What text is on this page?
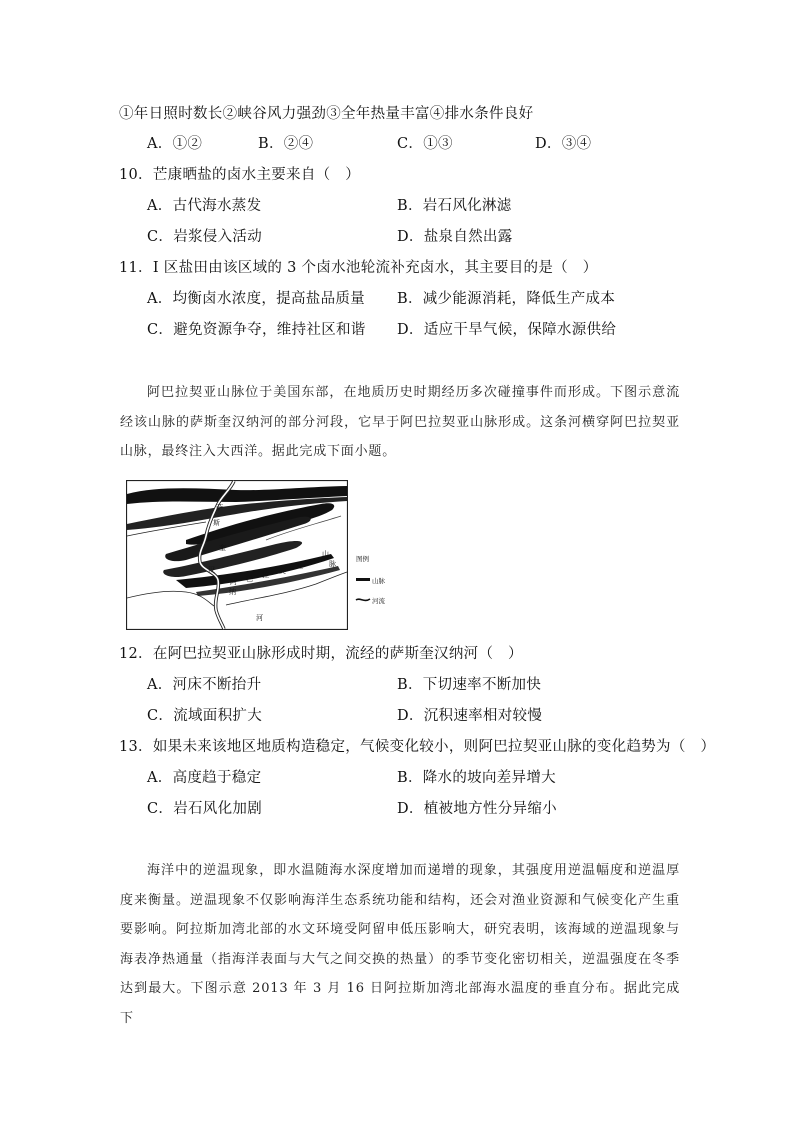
①年日照时数长②峡谷风力强劲③全年热量丰富④排水条件良好
A．①②	B．②④	C．①③	D．③④
10．芒康晒盐的卤水主要来自（　）
A．古代海水蒸发	B．岩石风化淋滤
C．岩浆侵入活动	D．盐泉自然出露
11．I 区盐田由该区域的 3 个卤水池轮流补充卤水，其主要目的是（　）
A．均衡卤水浓度，提高盐品质量 B．减少能源消耗，降低生产成本
C．避免资源争夺，维持社区和谐 D．适应干旱气候，保障水源供给

阿巴拉契亚山脉位于美国东部，在地质历史时期经历多次碰撞事件而形成。下图示意流经该山脉的萨斯奎汉纳河的部分河段，它早于阿巴拉契亚山脉形成。这条河横穿阿巴拉契亚山脉，最终注入大西洋。据此完成下面小题。

萨
斯
奎
汉
纳
河
阿 巴 拉 契
亚
山
脉
图例
山脉
河流
12．在阿巴拉契亚山脉形成时期，流经的萨斯奎汉纳河（　）
A．河床不断抬升	B．下切速率不断加快
C．流域面积扩大	D．沉积速率相对较慢
13．如果未来该地区地质构造稳定，气候变化较小，则阿巴拉契亚山脉的变化趋势为（　）
A．高度趋于稳定	B．降水的坡向差异增大
C．岩石风化加剧	D．植被地方性分异缩小

海洋中的逆温现象，即水温随海水深度增加而递增的现象，其强度用逆温幅度和逆温厚度来衡量。逆温现象不仅影响海洋生态系统功能和结构，还会对渔业资源和气候变化产生重要影响。阿拉斯加湾北部的水文环境受阿留申低压影响大，研究表明，该海域的逆温现象与海表净热通量（指海洋表面与大气之间交换的热量）的季节变化密切相关，逆温强度在冬季达到最大。下图示意 2013 年 3 月 16 日阿拉斯加湾北部海水温度的垂直分布。据此完成下
